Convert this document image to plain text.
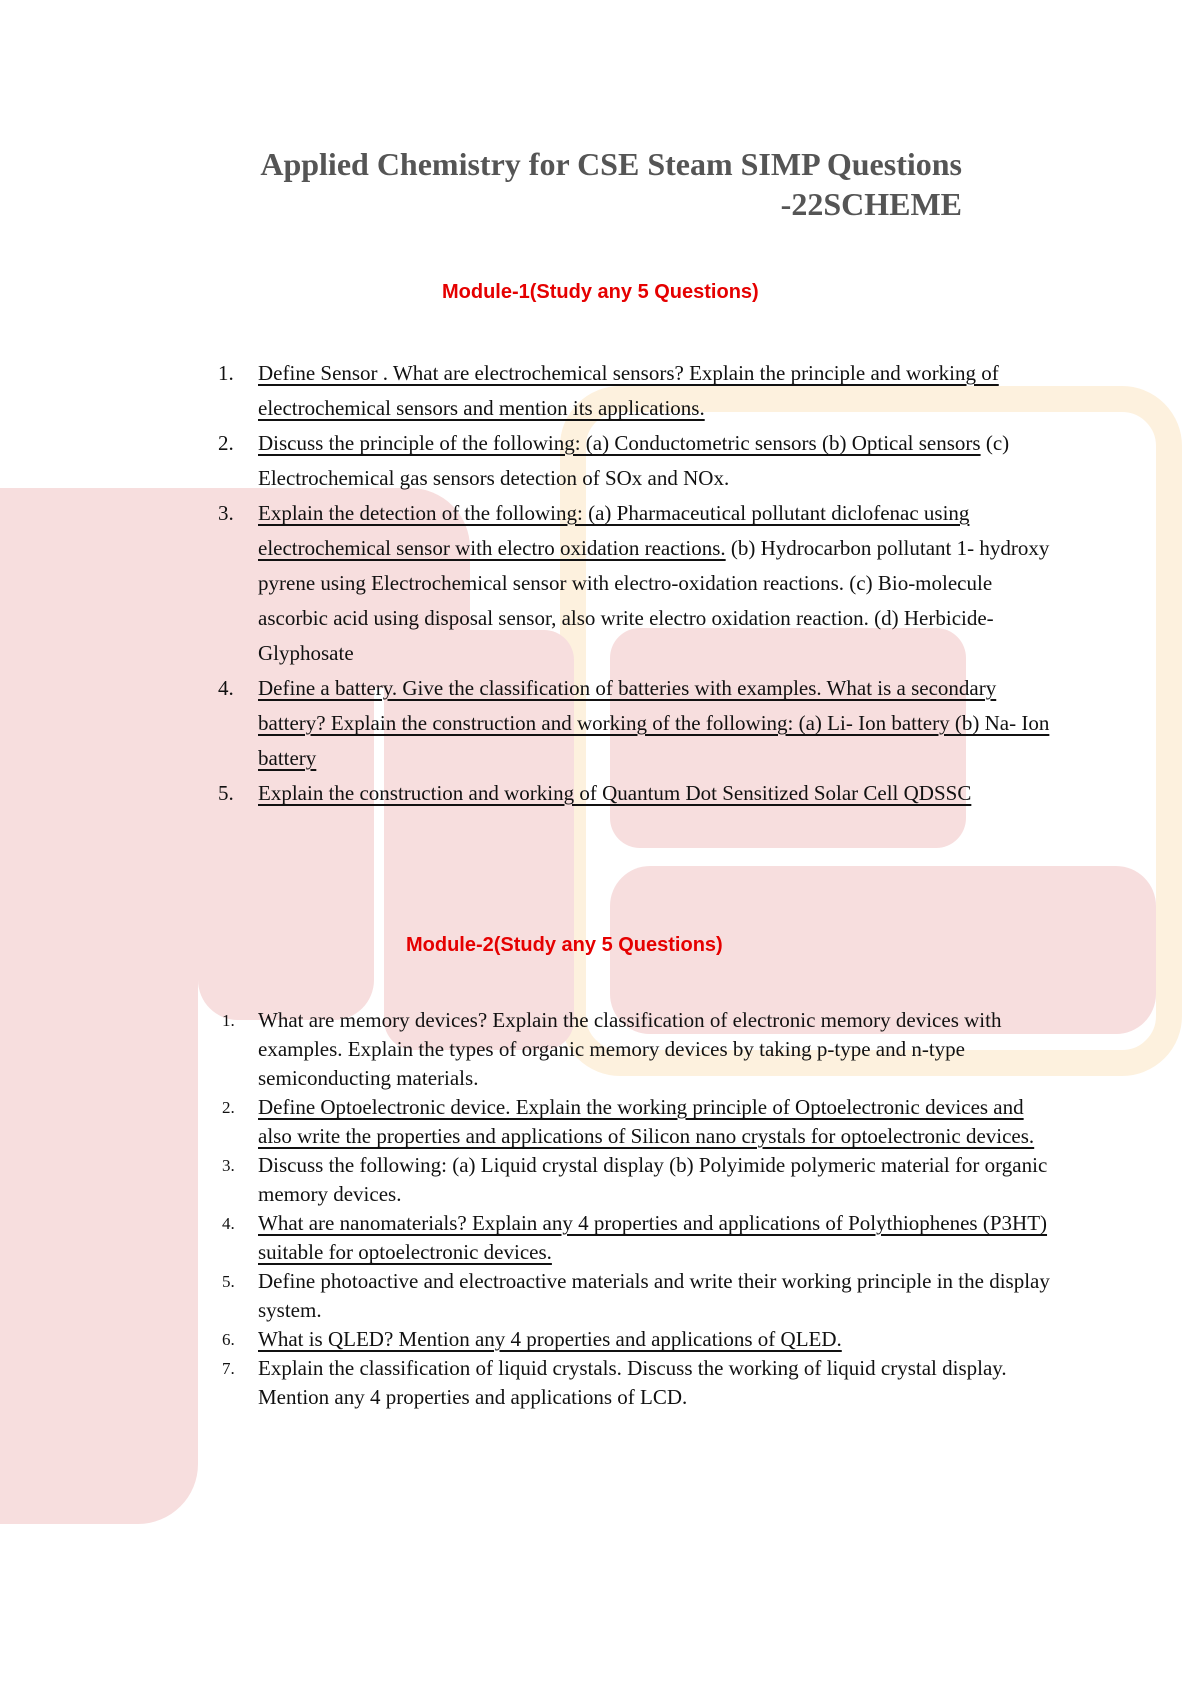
Applied Chemistry for CSE Steam SIMP Questions
-22SCHEME
Module-1(Study any 5 Questions)
1.	Define Sensor . What are electrochemical sensors? Explain the principle and working of electrochemical sensors and mention its applications.
2.	Discuss the principle of the following: (a) Conductometric sensors (b) Optical sensors (c) Electrochemical gas sensors detection of SOx and NOx.
3.	Explain the detection of the following: (a) Pharmaceutical pollutant diclofenac using electrochemical sensor with electro oxidation reactions. (b) Hydrocarbon pollutant 1- hydroxy pyrene using Electrochemical sensor with electro-oxidation reactions. (c) Bio-molecule ascorbic acid using disposal sensor, also write electro oxidation reaction. (d) Herbicide-Glyphosate
4.	Define a battery. Give the classification of batteries with examples. What is a secondary battery? Explain the construction and working of the following: (a) Li- Ion battery (b) Na- Ion battery
5.	Explain the construction and working of Quantum Dot Sensitized Solar Cell QDSSC
Module-2(Study any 5 Questions)
1.	What are memory devices? Explain the classification of electronic memory devices with examples. Explain the types of organic memory devices by taking p-type and n-type semiconducting materials.
2.	Define Optoelectronic device. Explain the working principle of Optoelectronic devices and also write the properties and applications of Silicon nano crystals for optoelectronic devices.
3.	Discuss the following: (a) Liquid crystal display (b) Polyimide polymeric material for organic memory devices.
4.	What are nanomaterials? Explain any 4 properties and applications of Polythiophenes (P3HT) suitable for optoelectronic devices.
5.	Define photoactive and electroactive materials and write their working principle in the display system.
6.	What is QLED? Mention any 4 properties and applications of QLED.
7.	Explain the classification of liquid crystals. Discuss the working of liquid crystal display. Mention any 4 properties and applications of LCD.
